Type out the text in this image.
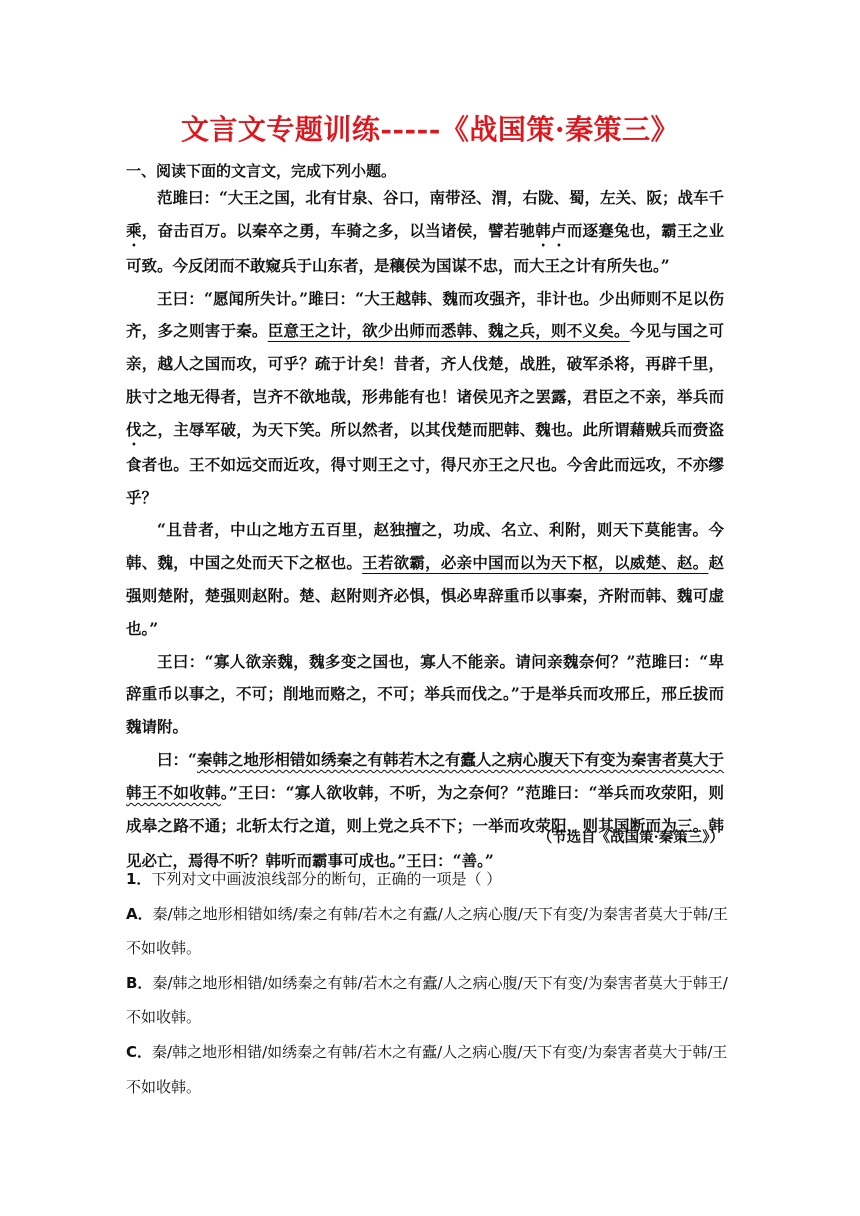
文言文专题训练-----《战国策·秦策三》
一、阅读下面的文言文，完成下列小题。

范雎曰：“大王之国，北有甘泉、谷口，南带泾、渭，右陇、蜀，左关、阪；战车千乘，奋击百万。以秦卒之勇，车骑之多，以当诸侯，譬若驰韩卢而逐蹇兔也，霸王之业可致。今反闭而不敢窥兵于山东者，是穰侯为国谋不忠，而大王之计有所失也。”

王曰：“愿闻所失计。”雎曰：“大王越韩、魏而攻强齐，非计也。少出师则不足以伤齐，多之则害于秦。臣意王之计，欲少出师而悉韩、魏之兵，则不义矣。今见与国之可亲，越人之国而攻，可乎？疏于计矣！昔者，齐人伐楚，战胜，破军杀将，再辟千里，肤寸之地无得者，岂齐不欲地哉，形弗能有也！诸侯见齐之罢露，君臣之不亲，举兵而伐之，主辱军破，为天下笑。所以然者，以其伐楚而肥韩、魏也。此所谓藉贼兵而赍盗食者也。王不如远交而近攻，得寸则王之寸，得尺亦王之尺也。今舍此而远攻，不亦缪乎？

“且昔者，中山之地方五百里，赵独擅之，功成、名立、利附，则天下莫能害。今韩、魏，中国之处而天下之枢也。王若欲霸，必亲中国而以为天下枢，以威楚、赵。赵强则楚附，楚强则赵附。楚、赵附则齐必惧，惧必卑辞重币以事秦，齐附而韩、魏可虚也。”

王曰：“寡人欲亲魏，魏多变之国也，寡人不能亲。请问亲魏奈何？”范雎曰：“卑辞重币以事之，不可；削地而赂之，不可；举兵而伐之。”于是举兵而攻邢丘，邢丘拔而魏请附。

曰：“秦韩之地形相错如绣秦之有韩若木之有蠹人之病心腹天下有变为秦害者莫大于韩王不如收韩。”王曰：“寡人欲收韩，不听，为之奈何？”范雎曰：“举兵而攻荥阳，则成皋之路不通；北斩太行之道，则上党之兵不下；一举而攻荥阳，则其国断而为三。韩见必亡，焉得不听？韩听而霸事可成也。”王曰：“善。”

（节选自《战国策·秦策三》）
1．下列对文中画波浪线部分的断句，正确的一项是（ ）
A．秦/韩之地形相错如绣/秦之有韩/若木之有蠹/人之病心腹/天下有变/为秦害者莫大于韩/王不如收韩。
B．秦/韩之地形相错/如绣秦之有韩/若木之有蠹/人之病心腹/天下有变/为秦害者莫大于韩王/不如收韩。
C．秦/韩之地形相错/如绣秦之有韩/若木之有蠹/人之病心腹/天下有变/为秦害者莫大于韩/王不如收韩。
